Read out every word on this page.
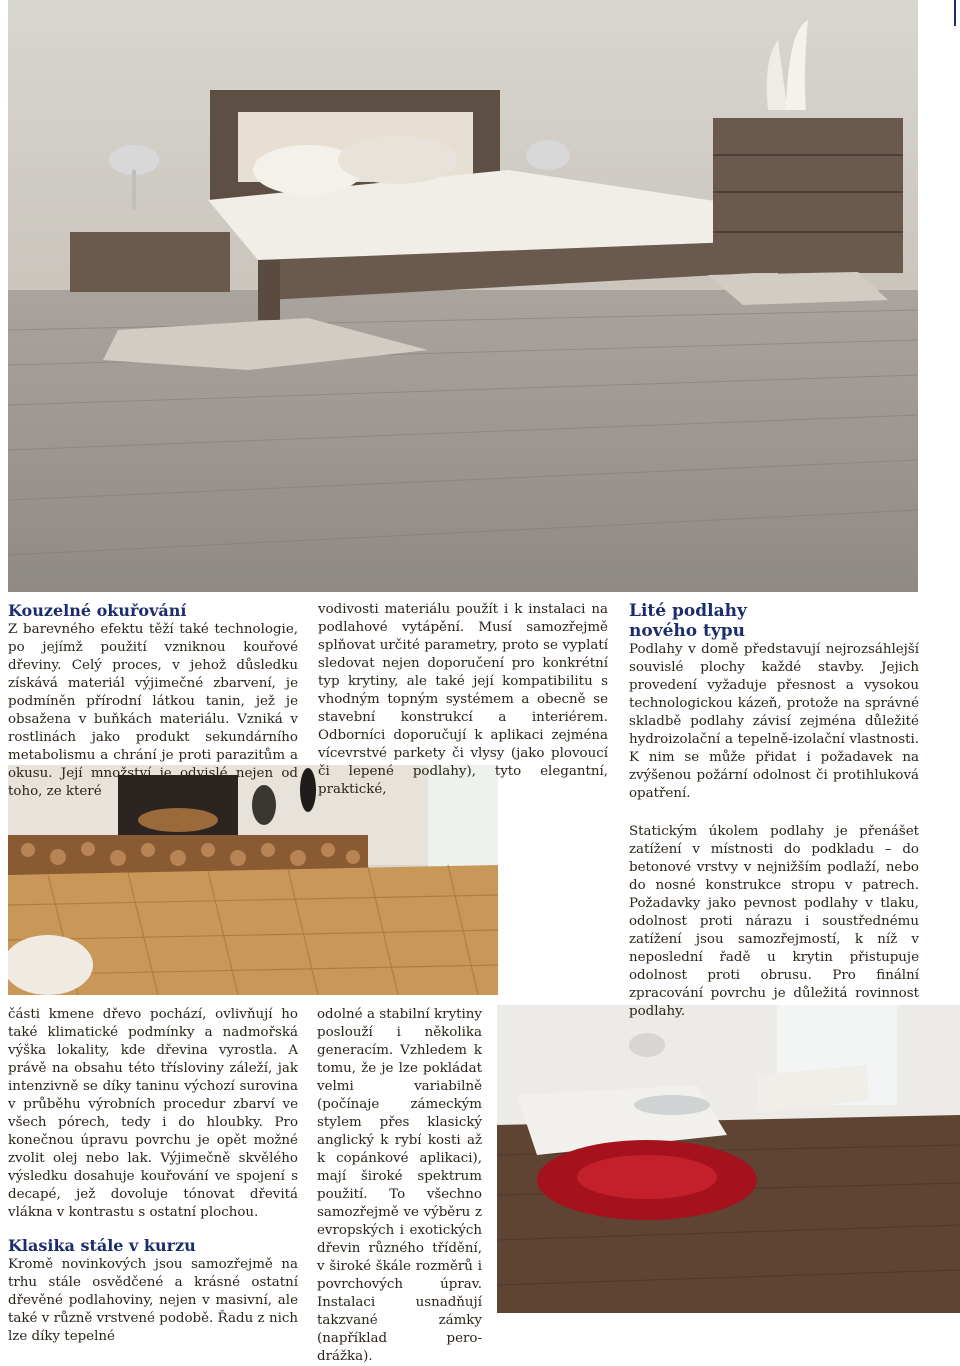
Kouzelné okuřování

Z barevného efektu těží také technologie, po jejímž použití vzniknou kouřové dřeviny. Celý proces, v jehož důsledku získává materiál výjimečné zbarvení, je podmíněn přírodní látkou tanin, jež je obsažena v buňkách materiálu. Vzniká v rostlinách jako produkt sekundárního metabolismu a chrání je proti parazitům a okusu. Její množství je odvislé nejen od toho, ze které

vodivosti materiálu použít i k instalaci na podlahové vytápění. Musí samozřejmě splňovat určité parametry, proto se vyplatí sledovat nejen doporučení pro konkrétní typ krytiny, ale také její kompatibilitu s vhodným topným systémem a obecně se stavební konstrukcí a interiérem. Odborníci doporučují k aplikaci zejména vícevrstvé parkety či vlysy (jako plovoucí či lepené podlahy), tyto elegantní, praktické,

Lité podlahy
nového typu

Podlahy v domě představují nejrozsáhlejší souvislé plochy každé stavby. Jejich provedení vyžaduje přesnost a vysokou technologickou kázeň, protože na správné skladbě podlahy závisí zejména důležité hydroizolační a tepelně-izolační vlastnosti. K nim se může přidat i požadavek na zvýšenou požární odolnost či protihluková opatření.

Statickým úkolem podlahy je přenášet zatížení v místnosti do podkladu – do betonové vrstvy v nejnižším podlaží, nebo do nosné konstrukce stropu v patrech. Požadavky jako pevnost podlahy v tlaku, odolnost proti nárazu i soustřednému zatížení jsou samozřejmostí, k níž v neposlední řadě u krytin přistupuje odolnost proti obrusu. Pro finální zpracování povrchu je důležitá rovinnost podlahy.

části kmene dřevo pochází, ovlivňují ho také klimatické podmínky a nadmořská výška lokality, kde dřevina vyrostla. A právě na obsahu této třísloviny záleží, jak intenzivně se díky taninu výchozí surovina v průběhu výrobních procedur zbarví ve všech pórech, tedy i do hloubky. Pro konečnou úpravu povrchu je opět možné zvolit olej nebo lak. Výjimečně skvělého výsledku dosahuje kouřování ve spojení s decapé, jež dovoluje tónovat dřevitá vlákna v kontrastu s ostatní plochou.

Klasika stále v kurzu

Kromě novinkových jsou samozřejmě na trhu stále osvědčené a krásné ostatní dřevěné podlahoviny, nejen v masivní, ale také v různě vrstvené podobě. Řadu z nich lze díky tepelné

odolné a stabilní krytiny poslouží i několika generacím. Vzhledem k tomu, že je lze pokládat velmi variabilně (počínaje zámeckým stylem přes klasický anglický k rybí kosti až k copánkové aplikaci), mají široké spektrum použití. To všechno samozřejmě ve výběru z evropských i exotických dřevin různého třídění, v široké škále rozměrů i povrchových úprav. Instalaci usnadňují takzvané zámky (například pero-drážka).
